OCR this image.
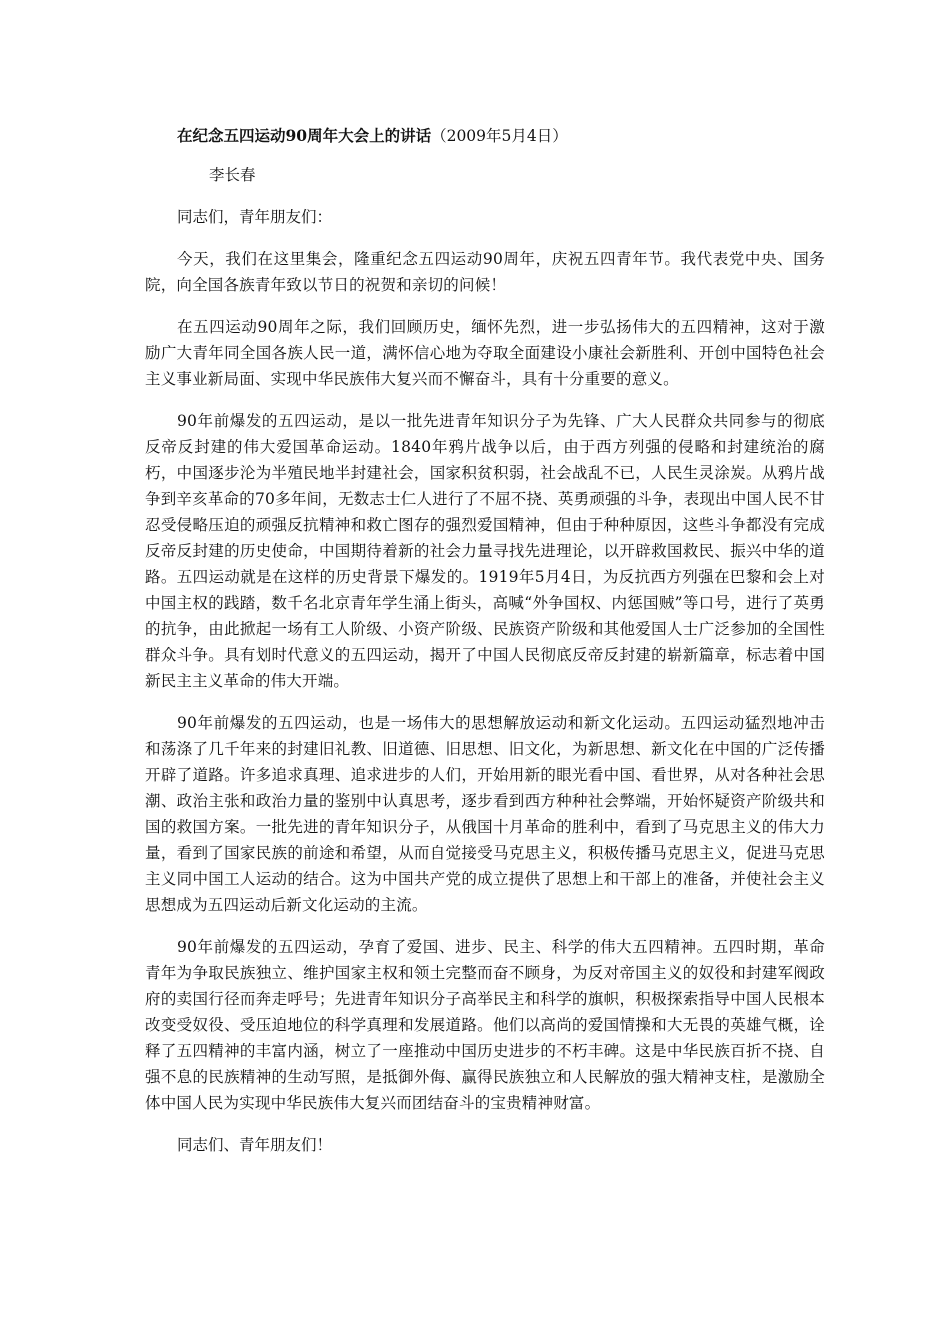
在纪念五四运动90周年大会上的讲话（2009年5月4日）
李长春
同志们，青年朋友们：

今天，我们在这里集会，隆重纪念五四运动90周年，庆祝五四青年节。我代表党中央、国务院，向全国各族青年致以节日的祝贺和亲切的问候！

在五四运动90周年之际，我们回顾历史，缅怀先烈，进一步弘扬伟大的五四精神，这对于激励广大青年同全国各族人民一道，满怀信心地为夺取全面建设小康社会新胜利、开创中国特色社会主义事业新局面、实现中华民族伟大复兴而不懈奋斗，具有十分重要的意义。

90年前爆发的五四运动，是以一批先进青年知识分子为先锋、广大人民群众共同参与的彻底反帝反封建的伟大爱国革命运动。1840年鸦片战争以后，由于西方列强的侵略和封建统治的腐朽，中国逐步沦为半殖民地半封建社会，国家积贫积弱，社会战乱不已，人民生灵涂炭。从鸦片战争到辛亥革命的70多年间，无数志士仁人进行了不屈不挠、英勇顽强的斗争，表现出中国人民不甘忍受侵略压迫的顽强反抗精神和救亡图存的强烈爱国精神，但由于种种原因，这些斗争都没有完成反帝反封建的历史使命，中国期待着新的社会力量寻找先进理论，以开辟救国救民、振兴中华的道路。五四运动就是在这样的历史背景下爆发的。1919年5月4日，为反抗西方列强在巴黎和会上对中国主权的践踏，数千名北京青年学生涌上街头，高喊“外争国权、内惩国贼”等口号，进行了英勇的抗争，由此掀起一场有工人阶级、小资产阶级、民族资产阶级和其他爱国人士广泛参加的全国性群众斗争。具有划时代意义的五四运动，揭开了中国人民彻底反帝反封建的崭新篇章，标志着中国新民主主义革命的伟大开端。

90年前爆发的五四运动，也是一场伟大的思想解放运动和新文化运动。五四运动猛烈地冲击和荡涤了几千年来的封建旧礼教、旧道德、旧思想、旧文化，为新思想、新文化在中国的广泛传播开辟了道路。许多追求真理、追求进步的人们，开始用新的眼光看中国、看世界，从对各种社会思潮、政治主张和政治力量的鉴别中认真思考，逐步看到西方种种社会弊端，开始怀疑资产阶级共和国的救国方案。一批先进的青年知识分子，从俄国十月革命的胜利中，看到了马克思主义的伟大力量，看到了国家民族的前途和希望，从而自觉接受马克思主义，积极传播马克思主义，促进马克思主义同中国工人运动的结合。这为中国共产党的成立提供了思想上和干部上的准备，并使社会主义思想成为五四运动后新文化运动的主流。

90年前爆发的五四运动，孕育了爱国、进步、民主、科学的伟大五四精神。五四时期，革命青年为争取民族独立、维护国家主权和领土完整而奋不顾身，为反对帝国主义的奴役和封建军阀政府的卖国行径而奔走呼号；先进青年知识分子高举民主和科学的旗帜，积极探索指导中国人民根本改变受奴役、受压迫地位的科学真理和发展道路。他们以高尚的爱国情操和大无畏的英雄气概，诠释了五四精神的丰富内涵，树立了一座推动中国历史进步的不朽丰碑。这是中华民族百折不挠、自强不息的民族精神的生动写照，是抵御外侮、赢得民族独立和人民解放的强大精神支柱，是激励全体中国人民为实现中华民族伟大复兴而团结奋斗的宝贵精神财富。

同志们、青年朋友们！
